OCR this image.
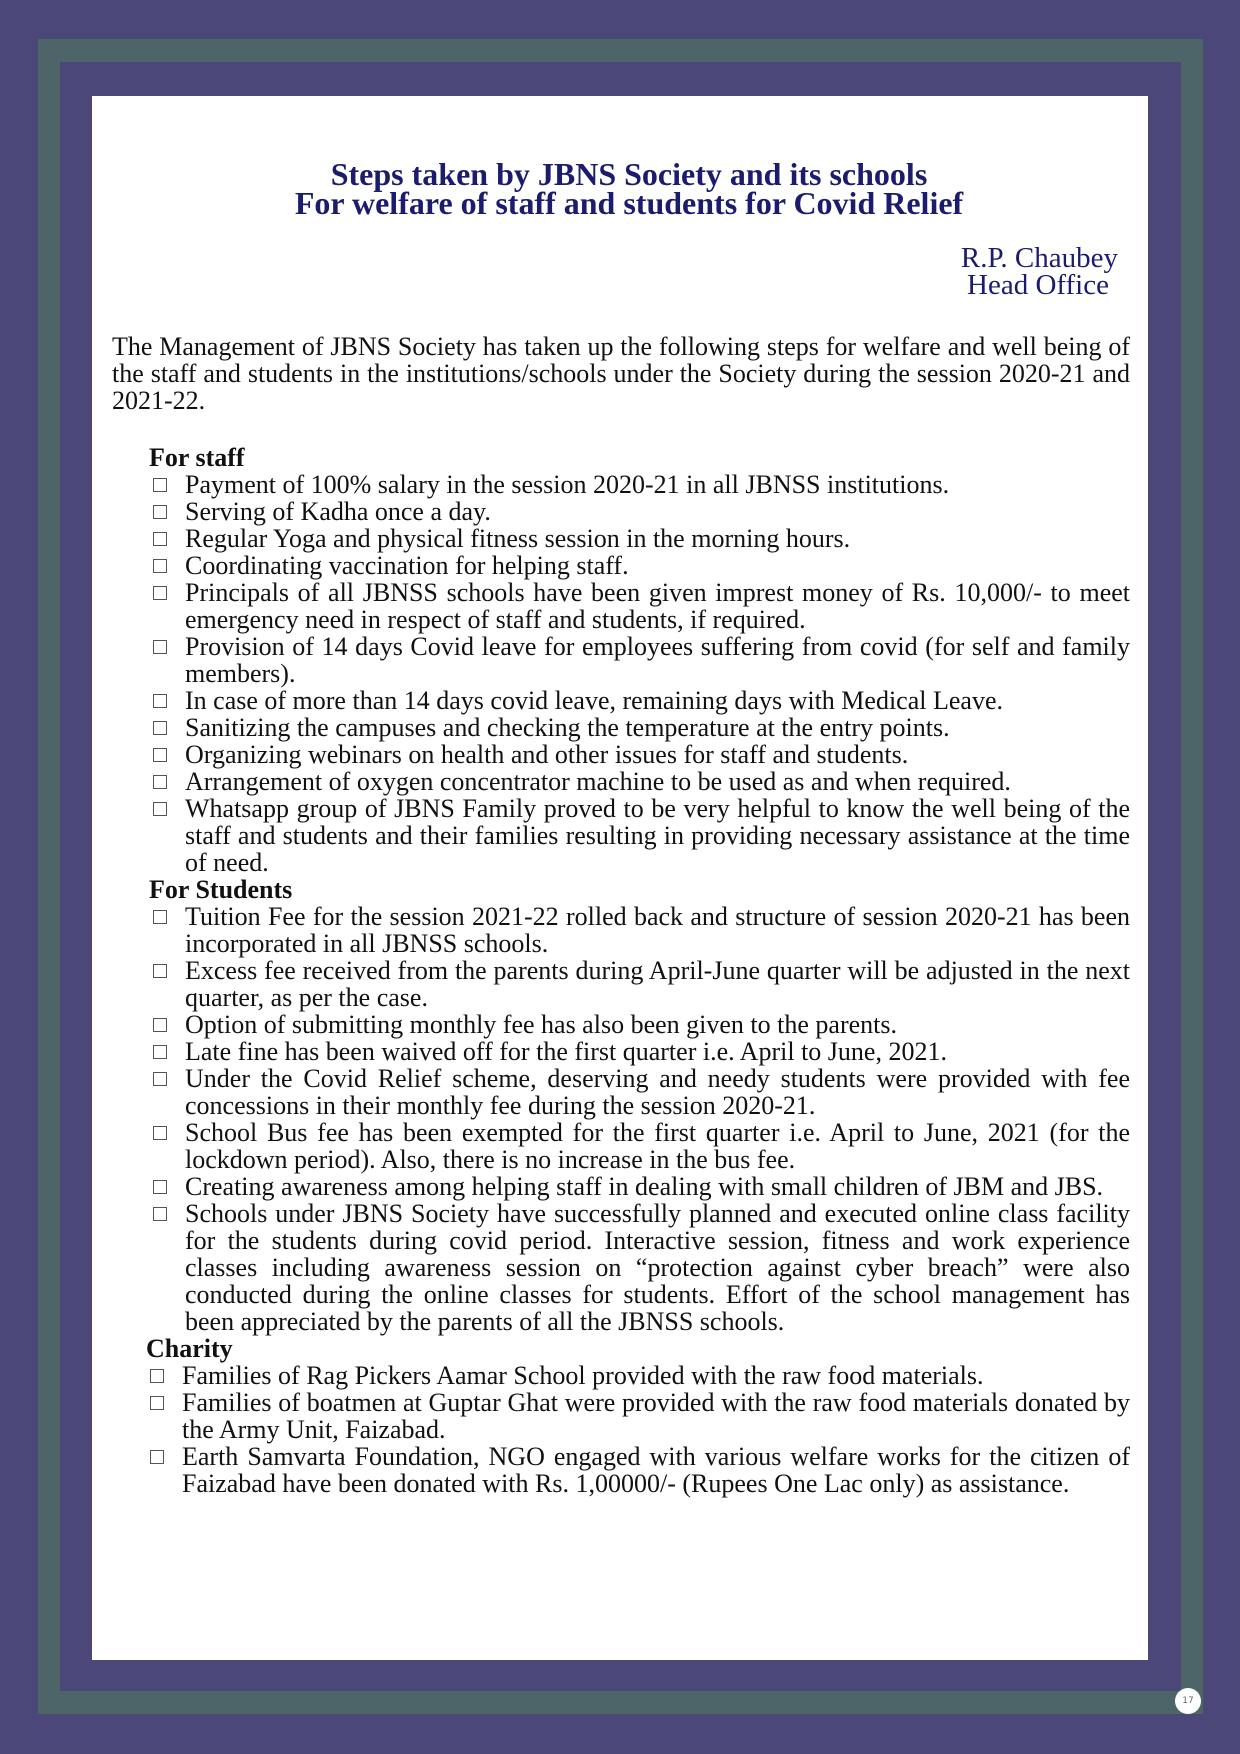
Steps taken by JBNS Society and its schools
For welfare of staff and students for Covid Relief
R.P. Chaubey
Head Office

The Management of JBNS Society has taken up the following steps for welfare and well being of the staff and students in the institutions/schools under the Society during the session 2020-21 and 2021-22.

For staff
Payment of 100% salary in the session 2020-21 in all JBNSS institutions.
Serving of Kadha once a day.
Regular Yoga and physical fitness session in the morning hours.
Coordinating vaccination for helping staff.
Principals of all JBNSS schools have been given imprest money of Rs. 10,000/- to meet emergency need in respect of staff and students, if required.
Provision of 14 days Covid leave for employees suffering from covid (for self and family members).
In case of more than 14 days covid leave, remaining days with Medical Leave.
Sanitizing the campuses and checking the temperature at the entry points.
Organizing webinars on health and other issues for staff and students.
Arrangement of oxygen concentrator machine to be used as and when required.
Whatsapp group of JBNS Family proved to be very helpful to know the well being of the staff and students and their families resulting in providing necessary assistance at the time of need.
For Students
Tuition Fee for the session 2021-22 rolled back and structure of session 2020-21 has been incorporated in all JBNSS schools.
Excess fee received from the parents during April-June quarter will be adjusted in the next quarter, as per the case.
Option of submitting monthly fee has also been given to the parents.
Late fine has been waived off for the first quarter i.e. April to June, 2021.
Under the Covid Relief scheme, deserving and needy students were provided with fee concessions in their monthly fee during the session 2020-21.
School Bus fee has been exempted for the first quarter i.e. April to June, 2021 (for the lockdown period). Also, there is no increase in the bus fee.
Creating awareness among helping staff in dealing with small children of JBM and JBS.
Schools under JBNS Society have successfully planned and executed online class facility for the students during covid period. Interactive session, fitness and work experience classes including awareness session on “protection against cyber breach” were also conducted during the online classes for students. Effort of the school management has been appreciated by the parents of all the JBNSS schools.
Charity
Families of Rag Pickers Aamar School provided with the raw food materials.
Families of boatmen at Guptar Ghat were provided with the raw food materials donated by the Army Unit, Faizabad.
Earth Samvarta Foundation, NGO engaged with various welfare works for the citizen of Faizabad have been donated with Rs. 1,00000/- (Rupees One Lac only) as assistance.
17
